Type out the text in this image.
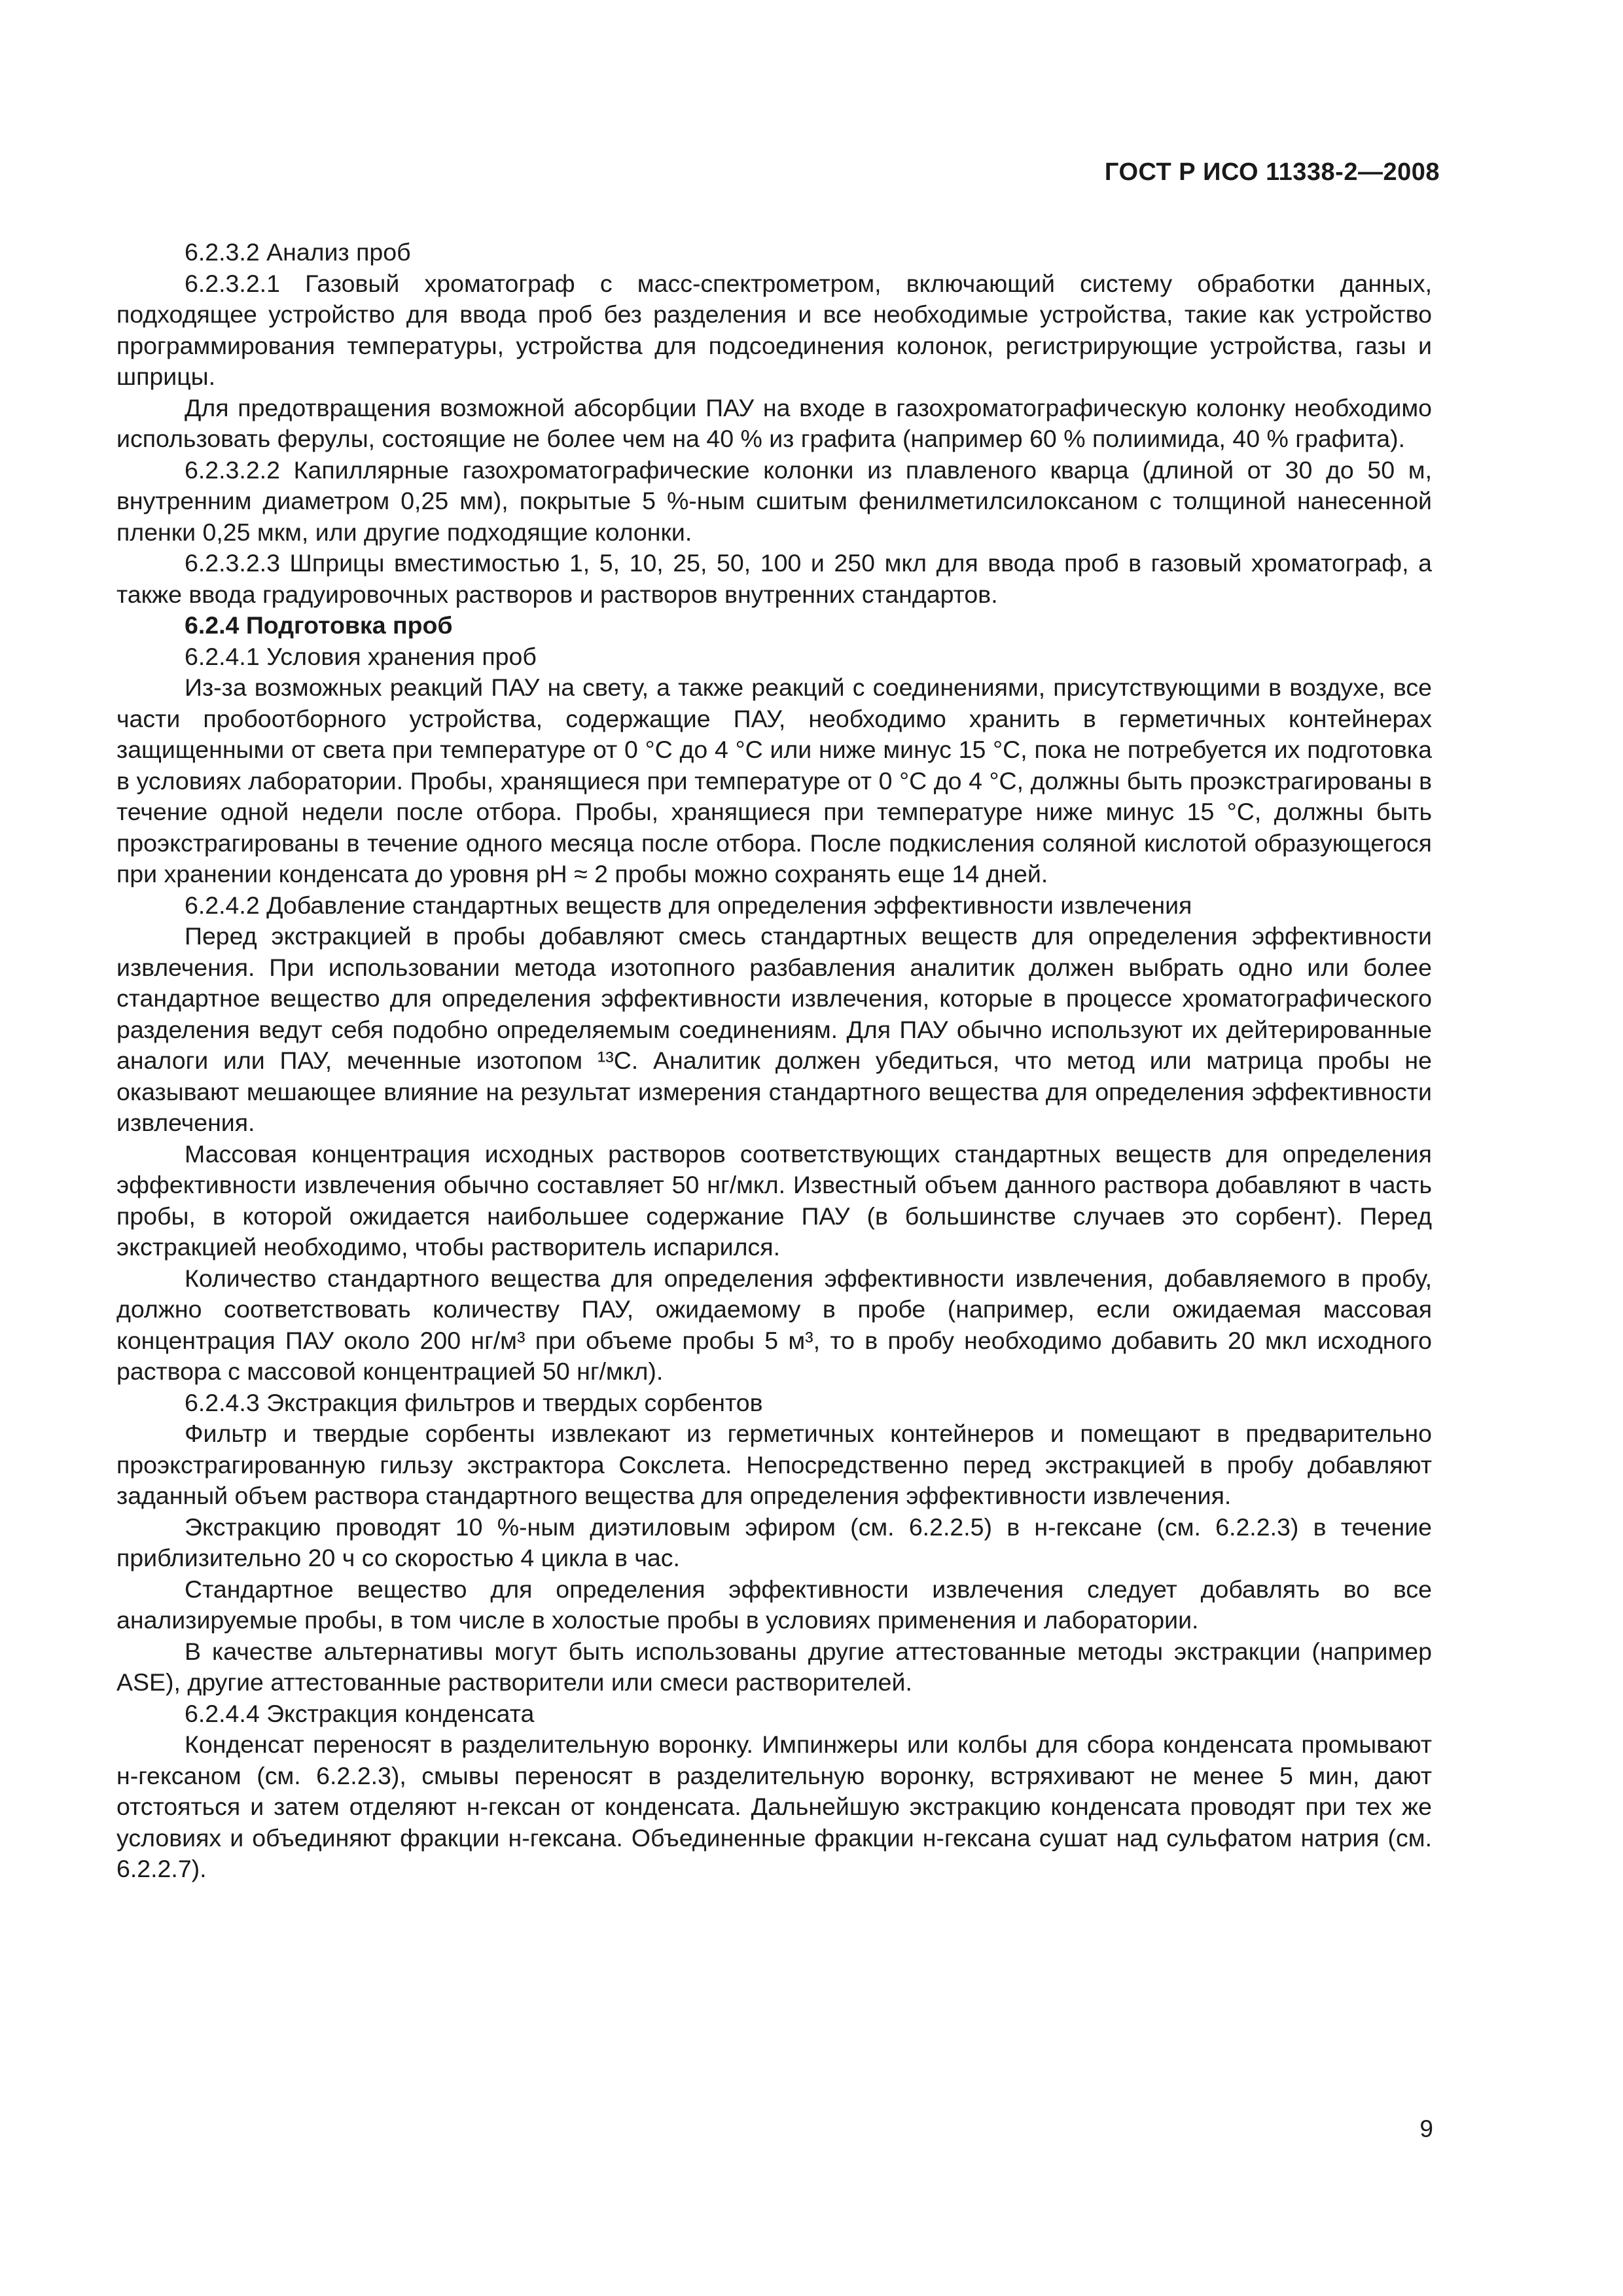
ГОСТ Р ИСО 11338-2—2008

6.2.3.2 Анализ проб

6.2.3.2.1 Газовый хроматограф с масс-спектрометром, включающий систему обработки данных, подходящее устройство для ввода проб без разделения и все необходимые устройства, такие как устройство программирования температуры, устройства для подсоединения колонок, регистрирующие устройства, газы и шприцы.

Для предотвращения возможной абсорбции ПАУ на входе в газохроматографическую колонку необходимо использовать ферулы, состоящие не более чем на 40 % из графита (например 60 % полиимида, 40 % графита).

6.2.3.2.2 Капиллярные газохроматографические колонки из плавленого кварца (длиной от 30 до 50 м, внутренним диаметром 0,25 мм), покрытые 5 %-ным сшитым фенилметилсилоксаном с толщиной нанесенной пленки 0,25 мкм, или другие подходящие колонки.

6.2.3.2.3 Шприцы вместимостью 1, 5, 10, 25, 50, 100 и 250 мкл для ввода проб в газовый хроматограф, а также ввода градуировочных растворов и растворов внутренних стандартов.

6.2.4 Подготовка проб

6.2.4.1 Условия хранения проб

Из-за возможных реакций ПАУ на свету, а также реакций с соединениями, присутствующими в воздухе, все части пробоотборного устройства, содержащие ПАУ, необходимо хранить в герметичных контейнерах защищенными от света при температуре от 0 °С до 4 °С или ниже минус 15 °С, пока не потребуется их подготовка в условиях лаборатории. Пробы, хранящиеся при температуре от 0 °С до 4 °С, должны быть проэкстрагированы в течение одной недели после отбора. Пробы, хранящиеся при температуре ниже минус 15 °С, должны быть проэкстрагированы в течение одного месяца после отбора. После подкисления соляной кислотой образующегося при хранении конденсата до уровня рН ≈ 2 пробы можно сохранять еще 14 дней.

6.2.4.2 Добавление стандартных веществ для определения эффективности извлечения

Перед экстракцией в пробы добавляют смесь стандартных веществ для определения эффективности извлечения. При использовании метода изотопного разбавления аналитик должен выбрать одно или более стандартное вещество для определения эффективности извлечения, которые в процессе хроматографического разделения ведут себя подобно определяемым соединениям. Для ПАУ обычно используют их дейтерированные аналоги или ПАУ, меченные изотопом ¹³С. Аналитик должен убедиться, что метод или матрица пробы не оказывают мешающее влияние на результат измерения стандартного вещества для определения эффективности извлечения.

Массовая концентрация исходных растворов соответствующих стандартных веществ для определения эффективности извлечения обычно составляет 50 нг/мкл. Известный объем данного раствора добавляют в часть пробы, в которой ожидается наибольшее содержание ПАУ (в большинстве случаев это сорбент). Перед экстракцией необходимо, чтобы растворитель испарился.

Количество стандартного вещества для определения эффективности извлечения, добавляемого в пробу, должно соответствовать количеству ПАУ, ожидаемому в пробе (например, если ожидаемая массовая концентрация ПАУ около 200 нг/м³ при объеме пробы 5 м³, то в пробу необходимо добавить 20 мкл исходного раствора с массовой концентрацией 50 нг/мкл).

6.2.4.3 Экстракция фильтров и твердых сорбентов

Фильтр и твердые сорбенты извлекают из герметичных контейнеров и помещают в предварительно проэкстрагированную гильзу экстрактора Сокслета. Непосредственно перед экстракцией в пробу добавляют заданный объем раствора стандартного вещества для определения эффективности извлечения.

Экстракцию проводят 10 %-ным диэтиловым эфиром (см. 6.2.2.5) в н-гексане (см. 6.2.2.3) в течение приблизительно 20 ч со скоростью 4 цикла в час.

Стандартное вещество для определения эффективности извлечения следует добавлять во все анализируемые пробы, в том числе в холостые пробы в условиях применения и лаборатории.

В качестве альтернативы могут быть использованы другие аттестованные методы экстракции (например ASE), другие аттестованные растворители или смеси растворителей.

6.2.4.4 Экстракция конденсата

Конденсат переносят в разделительную воронку. Импинжеры или колбы для сбора конденсата промывают н-гексаном (см. 6.2.2.3), смывы переносят в разделительную воронку, встряхивают не менее 5 мин, дают отстояться и затем отделяют н-гексан от конденсата. Дальнейшую экстракцию конденсата проводят при тех же условиях и объединяют фракции н-гексана. Объединенные фракции н-гексана сушат над сульфатом натрия (см. 6.2.2.7).

9
